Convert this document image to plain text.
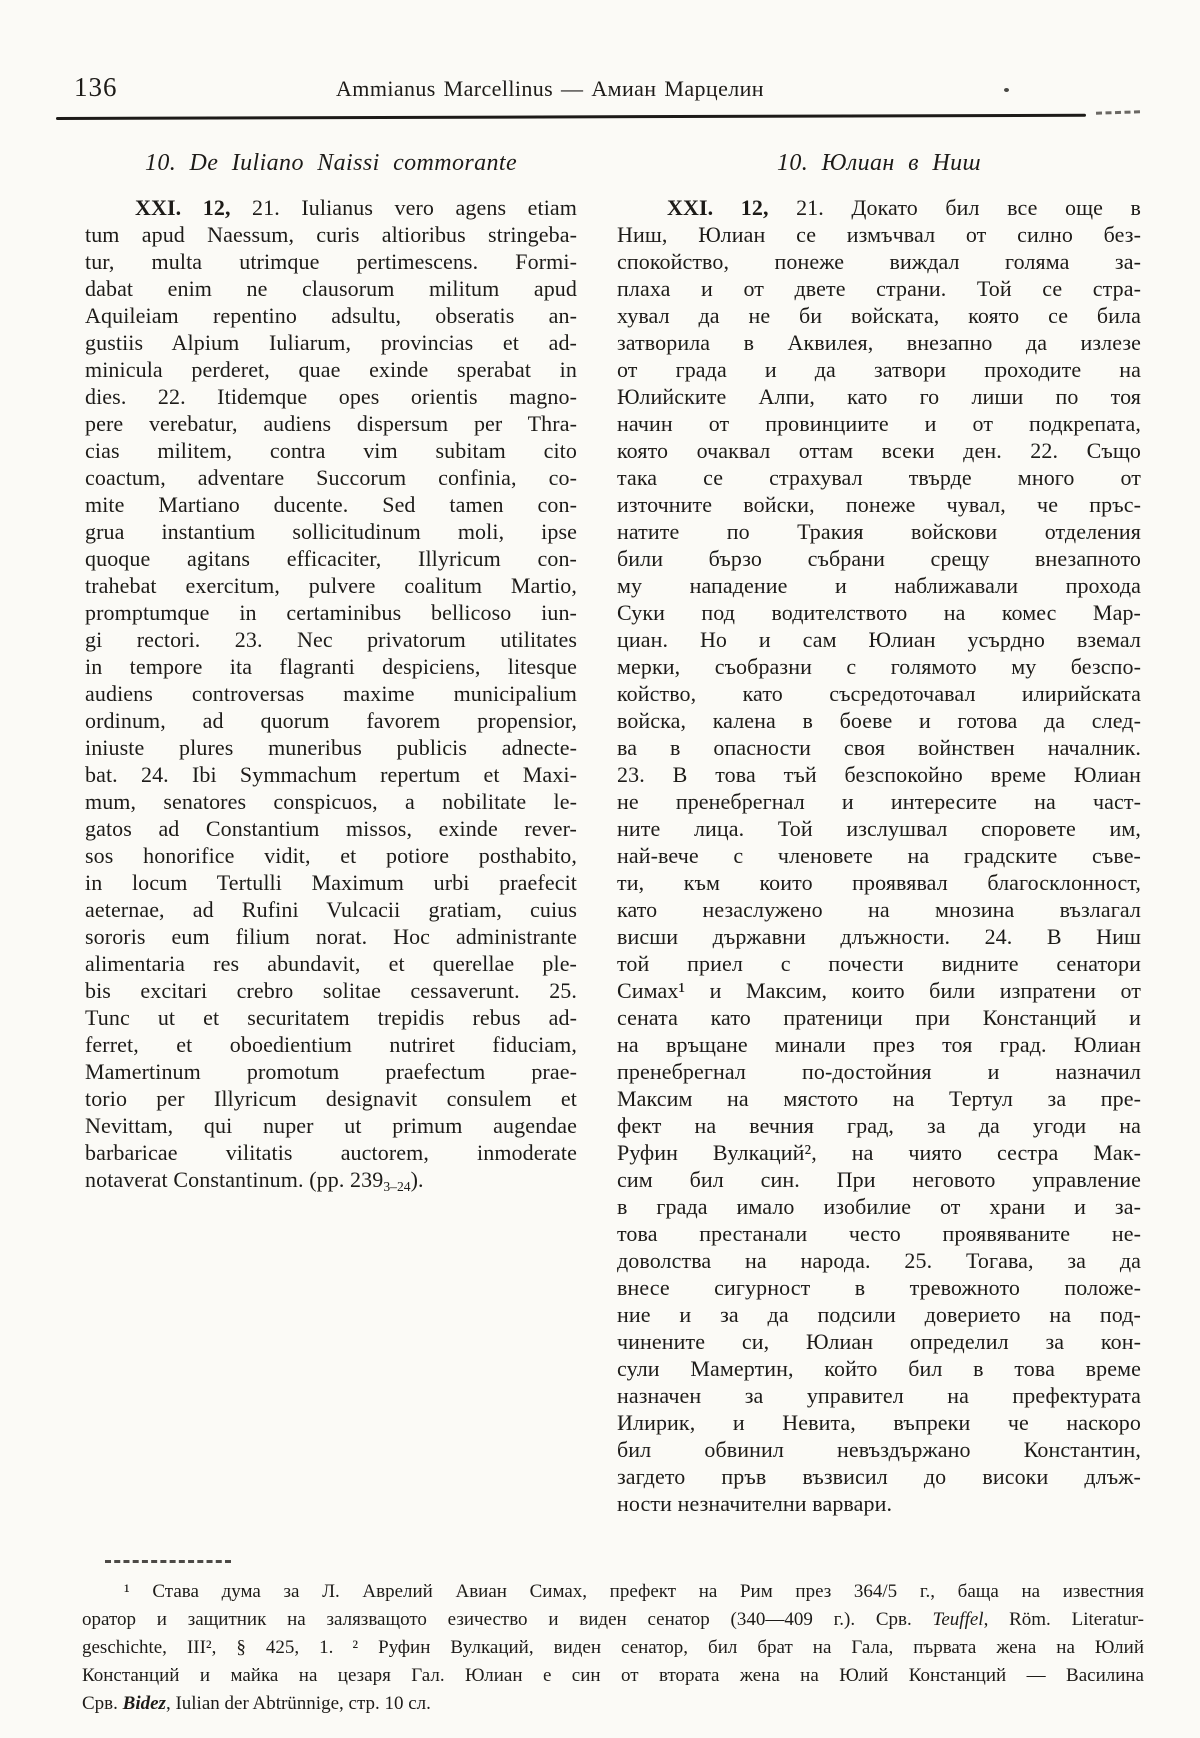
136	Ammianus Marcellinus — Амиан Марцелин
10. De Iuliano Naissi commorante
XXI. 12, 21. Iulianus vero agens etiam
tum apud Naessum, curis altioribus stringeba-
tur, multa utrimque pertimescens. Formi-
dabat enim ne clausorum militum apud
Aquileiam repentino adsultu, obseratis an-
gustiis Alpium Iuliarum, provincias et ad-
minicula perderet, quae exinde sperabat in
dies. 22. Itidemque opes orientis magno-
pere verebatur, audiens dispersum per Thra-
cias militem, contra vim subitam cito
coactum, adventare Succorum confinia, co-
mite Martiano ducente. Sed tamen con-
grua instantium sollicitudinum moli, ipse
quoque agitans efficaciter, Illyricum con-
trahebat exercitum, pulvere coalitum Martio,
promptumque in certaminibus bellicoso iun-
gi rectori. 23. Nec privatorum utilitates
in tempore ita flagranti despiciens, litesque
audiens controversas maxime municipalium
ordinum, ad quorum favorem propensior,
iniuste plures muneribus publicis adnecte-
bat. 24. Ibi Symmachum repertum et Maxi-
mum, senatores conspicuos, a nobilitate le-
gatos ad Constantium missos, exinde rever-
sos honorifice vidit, et potiore posthabito,
in locum Tertulli Maximum urbi praefecit
aeternae, ad Rufini Vulcacii gratiam, cuius
sororis eum filium norat. Hoc administrante
alimentaria res abundavit, et querellae ple-
bis excitari crebro solitae cessaverunt. 25.
Tunc ut et securitatem trepidis rebus ad-
ferret, et oboedientium nutriret fiduciam,
Mamertinum promotum praefectum prae-
torio per Illyricum designavit consulem et
Nevittam, qui nuper ut primum augendae
barbaricae vilitatis auctorem, inmoderate
notaverat Constantinum. (pp. $239_{3-24}$).
10. Юлиан в Ниш
XXI. 12, 21. Докато бил все още в
Ниш, Юлиан се измъчвал от силно без-
спокойство, понеже виждал голяма за-
плаха и от двете страни. Той се стра-
хувал да не би войската, която се била
затворила в Аквилея, внезапно да излезе
от града и да затвори проходите на
Юлийските Алпи, като го лиши по тоя
начин от провинциите и от подкрепата,
която очаквал оттам всеки ден. 22. Също
така се страхувал твърде много от
източните войски, понеже чувал, че пръс-
натите по Тракия войскови отделения
били бързо събрани срещу внезапното
му нападение и наближавали прохода
Суки под водителството на комес Мар-
циан. Но и сам Юлиан усърдно вземал
мерки, съобразни с голямото му безспо-
койство, като съсредоточавал илирийската
войска, калена в боеве и готова да след-
ва в опасности своя войнствен началник.
23. В това тъй безспокойно време Юлиан
не пренебрегнал и интересите на част-
ните лица. Той изслушвал споровете им,
най-вече с членовете на градските съве-
ти, към които проявявал благосклонност,
като незаслужено на мнозина възлагал
висши държавни длъжности. 24. В Ниш
той приел с почести видните сенатори
Симах¹ и Максим, които били изпратени от
сената като пратеници при Констанций и
на връщане минали през тоя град. Юлиан
пренебрегнал по-достойния и назначил
Максим на мястото на Тертул за пре-
фект на вечния град, за да угоди на
Руфин Вулкаций², на чиято сестра Мак-
сим бил син. При неговото управление
в града имало изобилие от храни и за-
това престанали често проявяваните не-
доволства на народа. 25. Тогава, за да
внесе сигурност в тревожното положе-
ние и за да подсили доверието на под-
чинените си, Юлиан определил за кон-
сули Мамертин, който бил в това време
назначен за управител на префектурата
Илирик, и Невита, въпреки че наскоро
бил обвинил невъздържано Константин,
загдето пръв възвисил до високи длъж-
ности незначителни варвари.
¹ Става дума за Л. Аврелий Авиан Симах, префект на Рим през 364/5 г., баща на известния
оратор и защитник на залязващото езичество и виден сенатор (340—409 г.). Срв. Teuffel, Röm. Literatur-
geschichte, III², § 425, 1. ² Руфин Вулкаций, виден сенатор, бил брат на Гала, първата жена на Юлий
Констанций и майка на цезаря Гал. Юлиан е син от втората жена на Юлий Констанций — Василина
Срв. Bidez, Iulian der Abtrünnige, стр. 10 сл.
